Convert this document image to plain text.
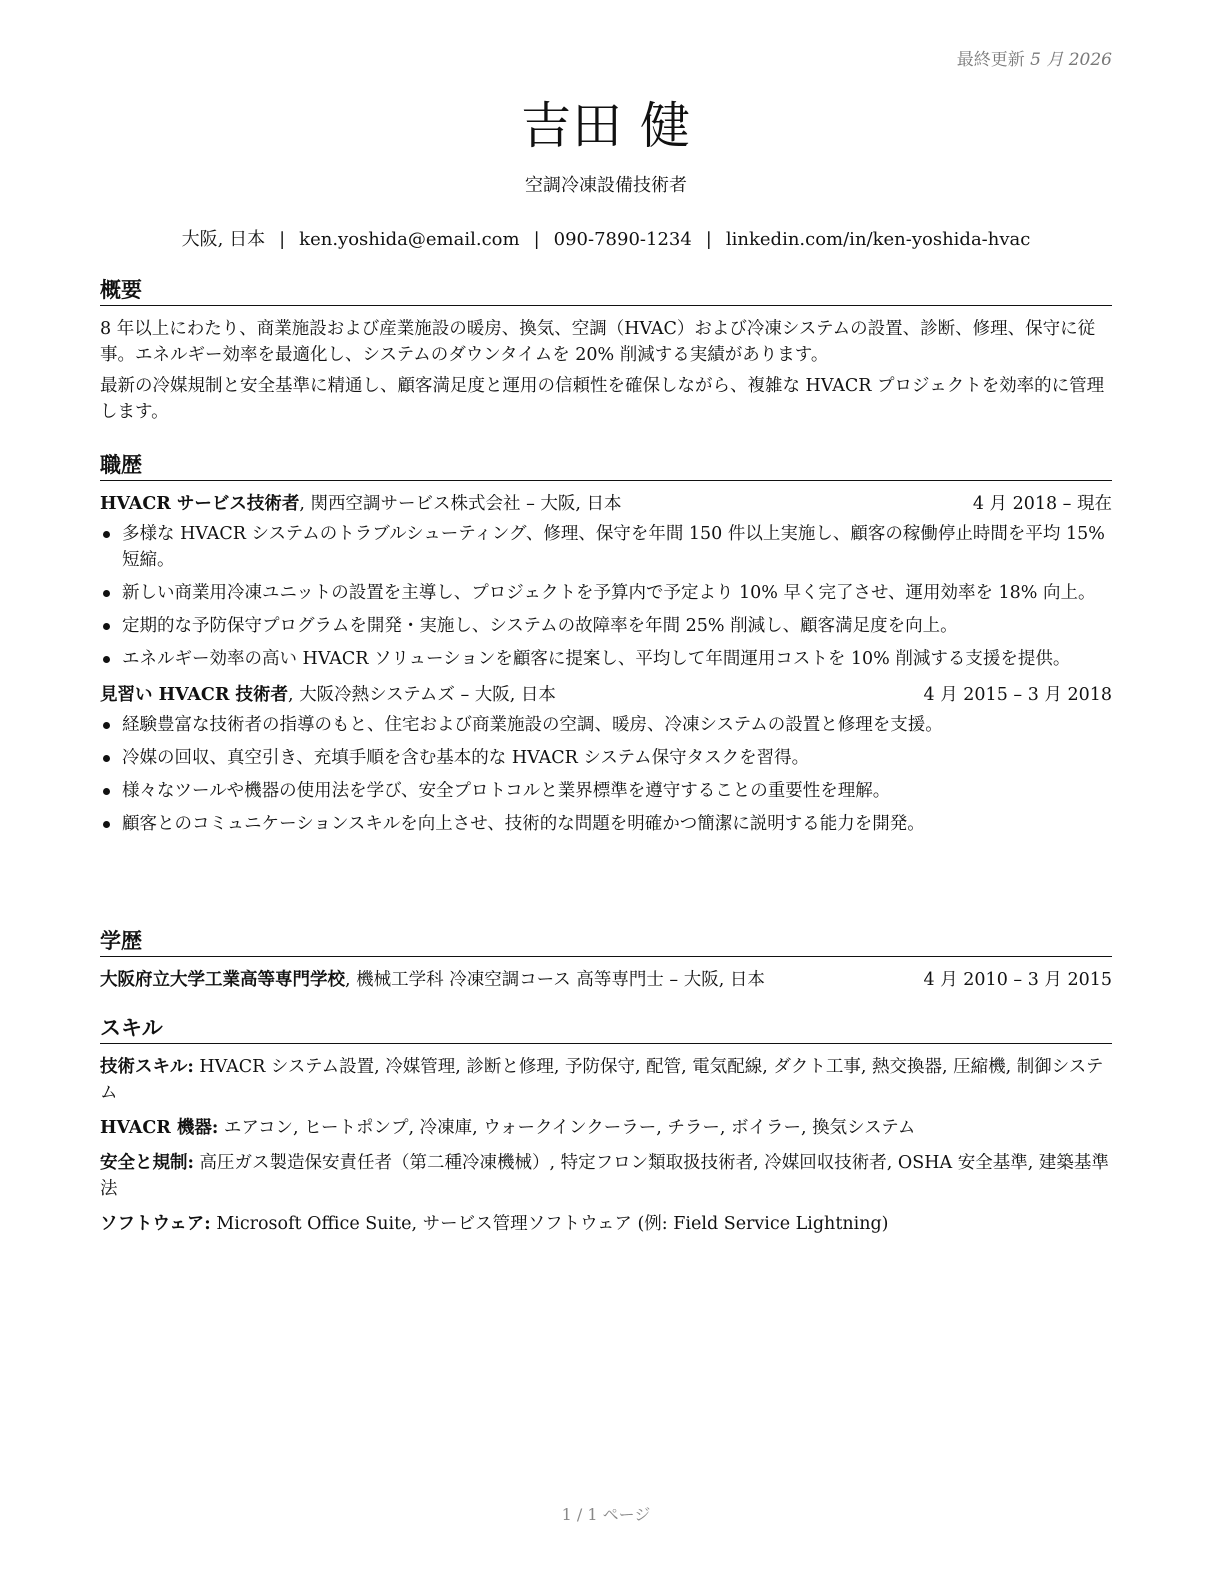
最終更新 5 月 2026
吉田 健
空調冷凍設備技術者
大阪, 日本 | ken.yoshida@email.com | 090-7890-1234 | linkedin.com/in/ken-yoshida-hvac
概要

8 年以上にわたり、商業施設および産業施設の暖房、換気、空調（HVAC）および冷凍システムの設置、診断、修理、保守に従事。エネルギー効率を最適化し、システムのダウンタイムを 20% 削減する実績があります。

最新の冷媒規制と安全基準に精通し、顧客満足度と運用の信頼性を確保しながら、複雑な HVACR プロジェクトを効率的に管理します。

職歴
HVACR サービス技術者, 関西空調サービス株式会社 – 大阪, 日本	4 月 2018 – 現在
多様な HVACR システムのトラブルシューティング、修理、保守を年間 150 件以上実施し、顧客の稼働停止時間を平均 15% 短縮。
新しい商業用冷凍ユニットの設置を主導し、プロジェクトを予算内で予定より 10% 早く完了させ、運用効率を 18% 向上。
定期的な予防保守プログラムを開発・実施し、システムの故障率を年間 25% 削減し、顧客満足度を向上。
エネルギー効率の高い HVACR ソリューションを顧客に提案し、平均して年間運用コストを 10% 削減する支援を提供。
見習い HVACR 技術者, 大阪冷熱システムズ – 大阪, 日本	4 月 2015 – 3 月 2018
経験豊富な技術者の指導のもと、住宅および商業施設の空調、暖房、冷凍システムの設置と修理を支援。
冷媒の回収、真空引き、充填手順を含む基本的な HVACR システム保守タスクを習得。
様々なツールや機器の使用法を学び、安全プロトコルと業界標準を遵守することの重要性を理解。
顧客とのコミュニケーションスキルを向上させ、技術的な問題を明確かつ簡潔に説明する能力を開発。
学歴
大阪府立大学工業高等専門学校, 機械工学科 冷凍空調コース 高等専門士 – 大阪, 日本	4 月 2010 – 3 月 2015
スキル
技術スキル: HVACR システム設置, 冷媒管理, 診断と修理, 予防保守, 配管, 電気配線, ダクト工事, 熱交換器, 圧縮機, 制御システム
HVACR 機器: エアコン, ヒートポンプ, 冷凍庫, ウォークインクーラー, チラー, ボイラー, 換気システム
安全と規制: 高圧ガス製造保安責任者（第二種冷凍機械）, 特定フロン類取扱技術者, 冷媒回収技術者, OSHA 安全基準, 建築基準法
ソフトウェア: Microsoft Office Suite, サービス管理ソフトウェア (例: Field Service Lightning)
1 / 1 ページ
